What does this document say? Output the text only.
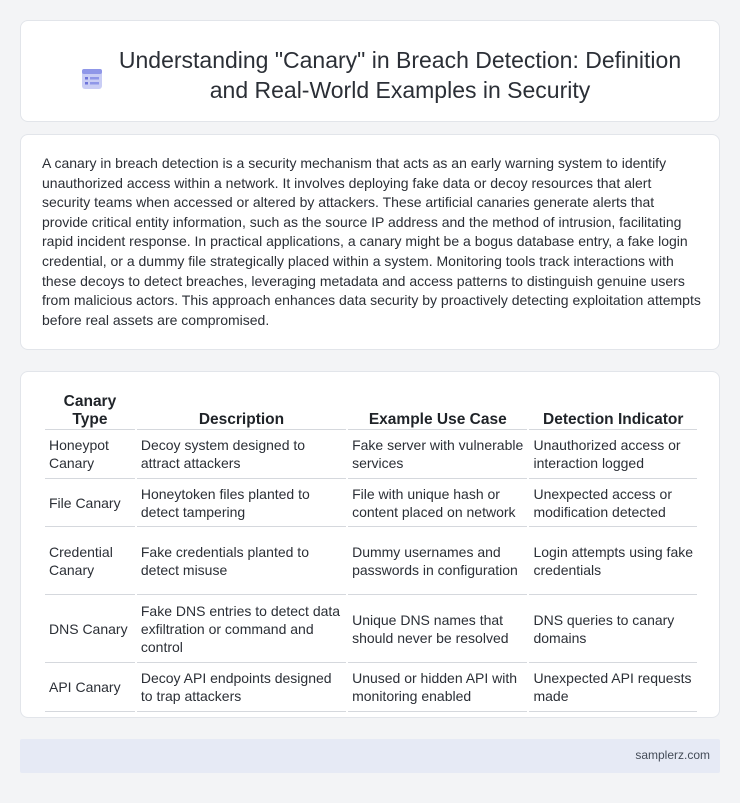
Understanding "Canary" in Breach Detection: Definition and Real-World Examples in Security

A canary in breach detection is a security mechanism that acts as an early warning system to identify unauthorized access within a network. It involves deploying fake data or decoy resources that alert security teams when accessed or altered by attackers. These artificial canaries generate alerts that provide critical entity information, such as the source IP address and the method of intrusion, facilitating rapid incident response. In practical applications, a canary might be a bogus database entry, a fake login credential, or a dummy file strategically placed within a system. Monitoring tools track interactions with these decoys to detect breaches, leveraging metadata and access patterns to distinguish genuine users from malicious actors. This approach enhances data security by proactively detecting exploitation attempts before real assets are compromised.

Canary Type	Description	Example Use Case	Detection Indicator
Honeypot Canary	Decoy system designed to attract attackers	Fake server with vulnerable services	Unauthorized access or interaction logged
File Canary	Honeytoken files planted to detect tampering	File with unique hash or content placed on network	Unexpected access or modification detected
Credential Canary	Fake credentials planted to detect misuse	Dummy usernames and passwords in configuration	Login attempts using fake credentials
DNS Canary	Fake DNS entries to detect data exfiltration or command and control	Unique DNS names that should never be resolved	DNS queries to canary domains
API Canary	Decoy API endpoints designed to trap attackers	Unused or hidden API with monitoring enabled	Unexpected API requests made
samplerz.com
